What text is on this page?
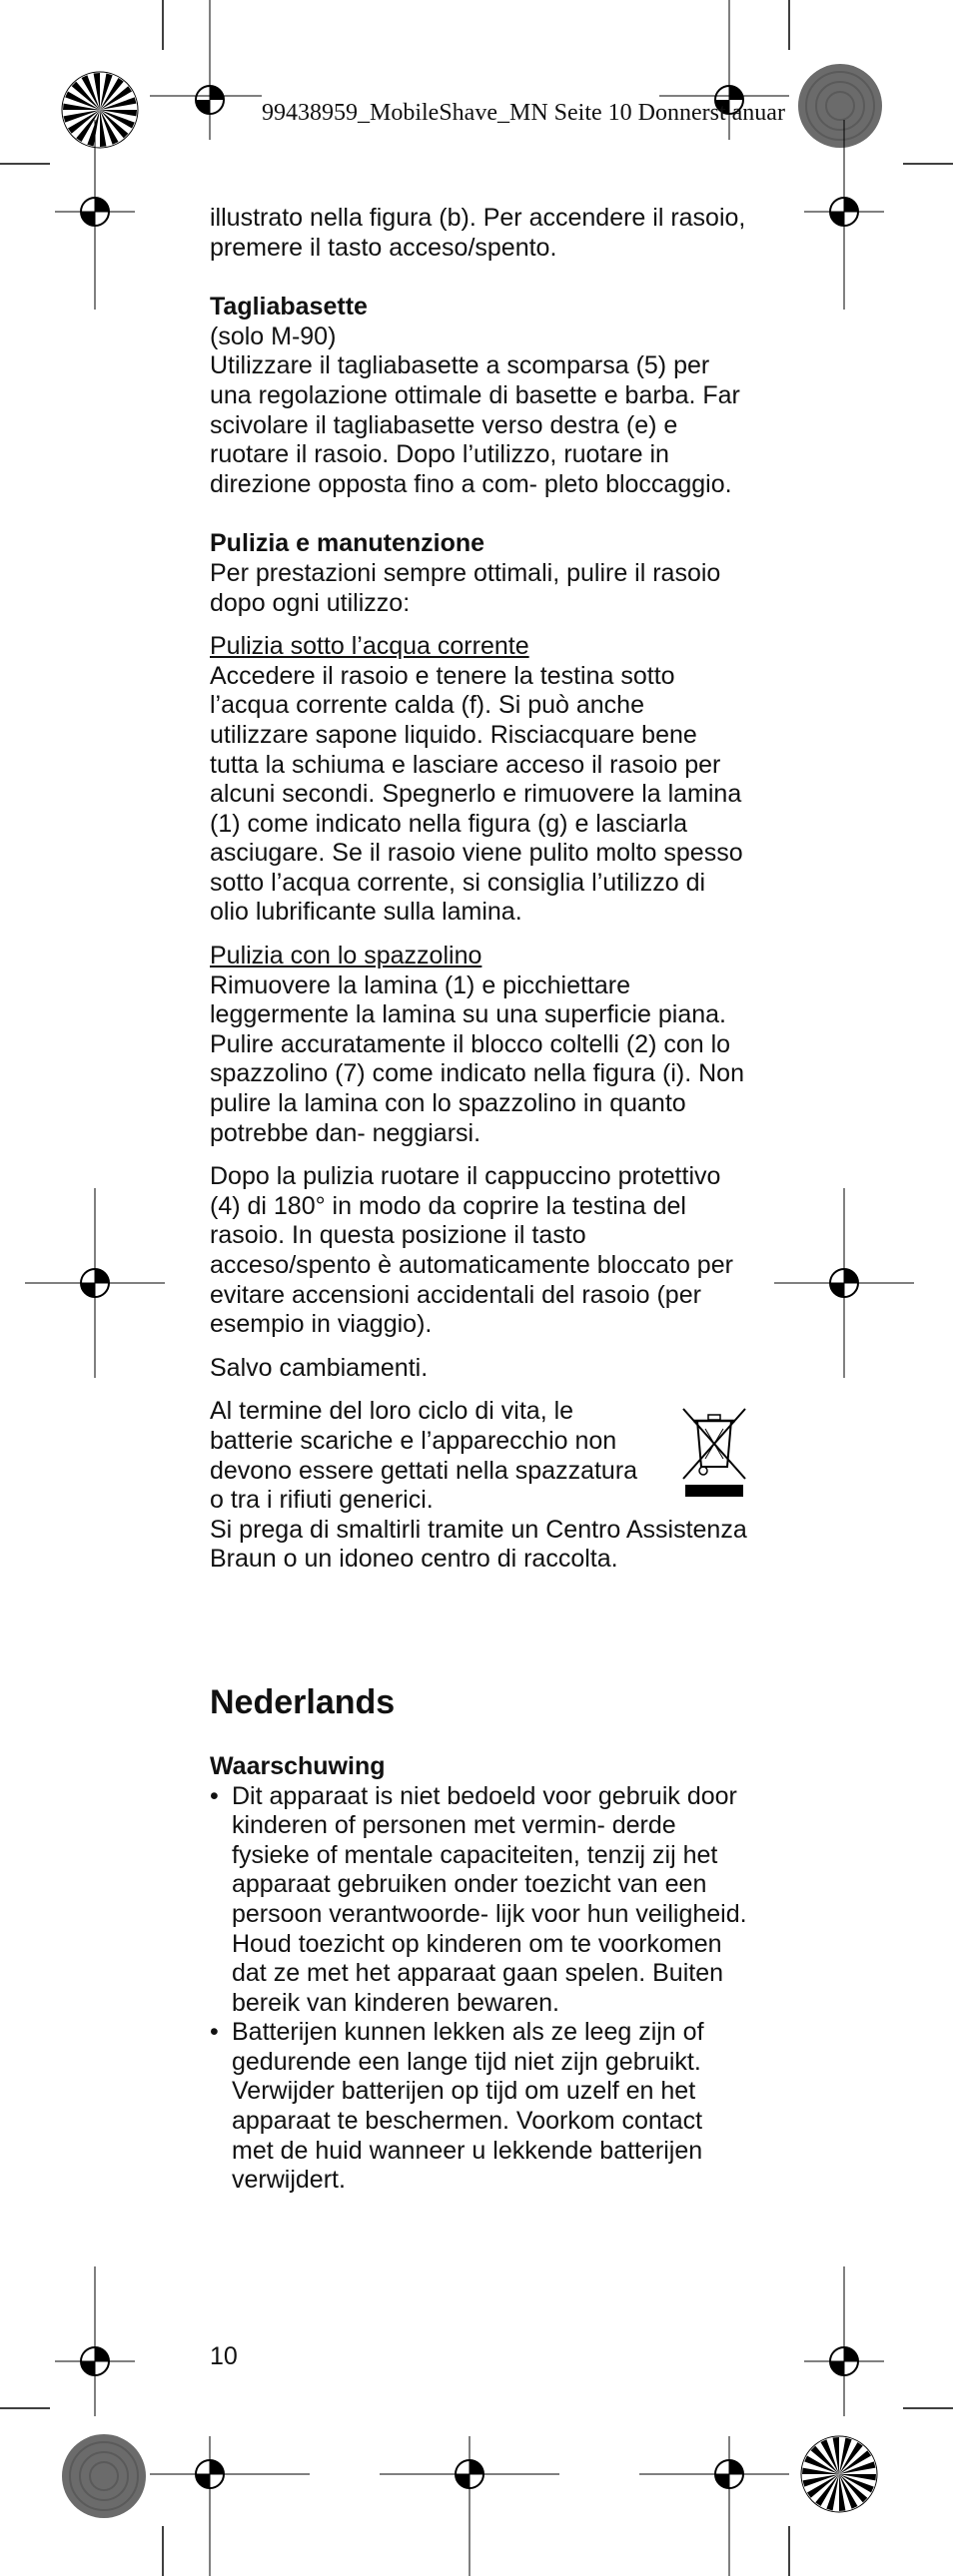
99438959_MobileShave_MN Seite 10 Donnerst anuar

illustrato nella figura (b). Per accendere il rasoio, premere il tasto acceso/spento.

Tagliabasette

(solo M-90)

Utilizzare il tagliabasette a scomparsa (5) per una regolazione ottimale di basette e barba. Far scivolare il tagliabasette verso destra (e) e ruotare il rasoio. Dopo l’utilizzo, ruotare in direzione opposta fino a com- pleto bloccaggio.

Pulizia e manutenzione

Per prestazioni sempre ottimali, pulire il rasoio dopo ogni utilizzo:

Pulizia sotto l’acqua corrente

Accedere il rasoio e tenere la testina sotto l’acqua corrente calda (f). Si può anche utilizzare sapone liquido. Risciacquare bene tutta la schiuma e lasciare acceso il rasoio per alcuni secondi. Spegnerlo e rimuovere la lamina (1) come indicato nella figura (g) e lasciarla asciugare. Se il rasoio viene pulito molto spesso sotto l’acqua corrente, si consiglia l’utilizzo di olio lubrificante sulla lamina.

Pulizia con lo spazzolino

Rimuovere la lamina (1) e picchiettare leggermente la lamina su una superficie piana. Pulire accuratamente il blocco coltelli (2) con lo spazzolino (7) come indicato nella figura (i). Non pulire la lamina con lo spazzolino in quanto potrebbe dan- neggiarsi.

Dopo la pulizia ruotare il cappuccino protettivo (4) di 180° in modo da coprire la testina del rasoio. In questa posizione il tasto acceso/spento è automaticamente bloccato per evitare accensioni accidentali del rasoio (per esempio in viaggio).

Salvo cambiamenti.

Al termine del loro ciclo di vita, le batterie scariche e l’apparecchio non devono essere gettati nella spazzatura o tra i rifiuti generici.

Si prega di smaltirli tramite un Centro Assistenza Braun o un idoneo centro di raccolta.

Nederlands

Waarschuwing

• Dit apparaat is niet bedoeld voor gebruik door kinderen of personen met vermin- derde fysieke of mentale capaciteiten, tenzij zij het apparaat gebruiken onder toezicht van een persoon verantwoorde- lijk voor hun veiligheid. Houd toezicht op kinderen om te voorkomen dat ze met het apparaat gaan spelen. Buiten bereik van kinderen bewaren.
• Batterijen kunnen lekken als ze leeg zijn of gedurende een lange tijd niet zijn gebruikt. Verwijder batterijen op tijd om uzelf en het apparaat te beschermen. Voorkom contact met de huid wanneer u lekkende batterijen verwijdert.
10
